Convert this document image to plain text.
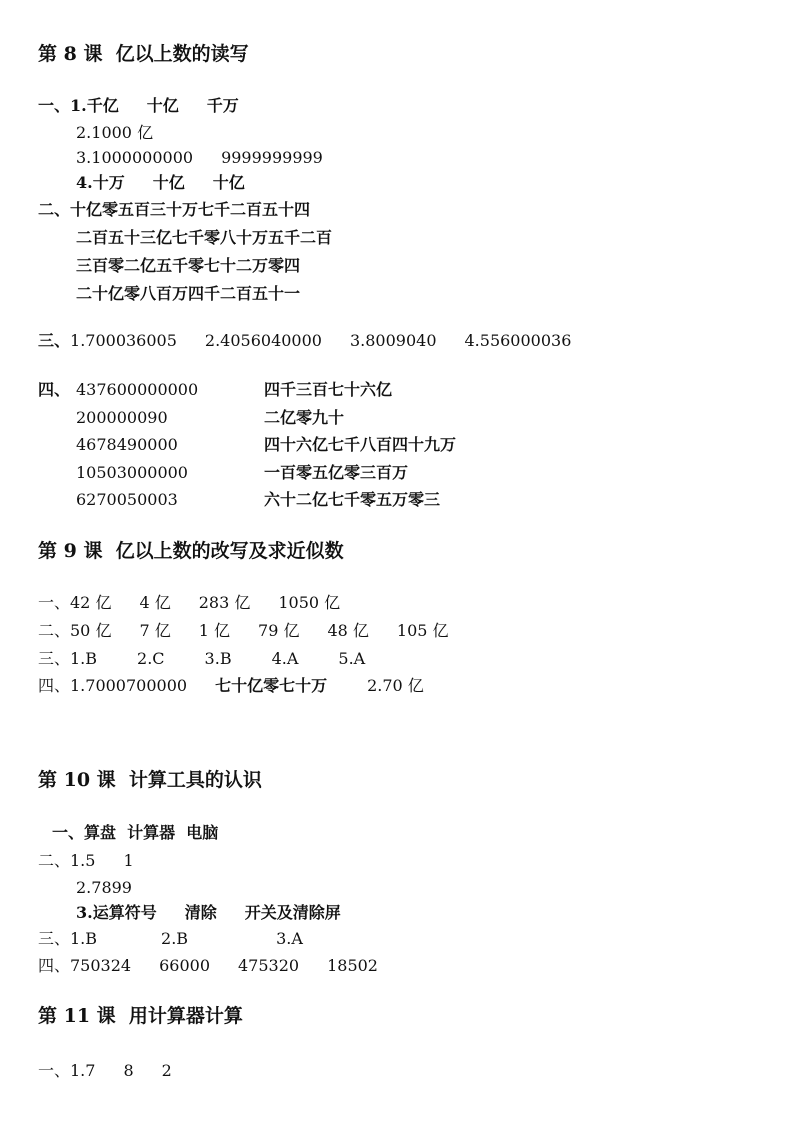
第 8 课  亿以上数的读写
一、1.千亿 十亿 千万
2.1000 亿
3.1000000000 9999999999
4.十万 十亿 十亿
二、十亿零五百三十万七千二百五十四
二百五十三亿七千零八十万五千二百
三百零二亿五千零七十二万零四
二十亿零八百万四千二百五十一
三、1.700036005 2.4056040000 3.8009040 4.556000036
四、 437600000000	四千三百七十六亿
200000090	二亿零九十
4678490000	四十六亿七千八百四十九万
10503000000	一百零五亿零三百万
6270050003	六十二亿七千零五万零三
第 9 课  亿以上数的改写及求近似数
一、42 亿 4 亿 283 亿 1050 亿
二、50 亿 7 亿 1 亿 79 亿 48 亿 105 亿
三、1.B	2.C	3.B	4.A	5.A
四、1.7000700000 七十亿零七十万	2.70 亿
第 10 课  计算工具的认识
一、算盘  计算器  电脑
二、1.5 1
2.7899
3.运算符号 清除 开关及清除屏
三、1.B	2.B	3.A
四、750324 66000 475320 18502
第 11 课  用计算器计算
一、1.7 8 2
